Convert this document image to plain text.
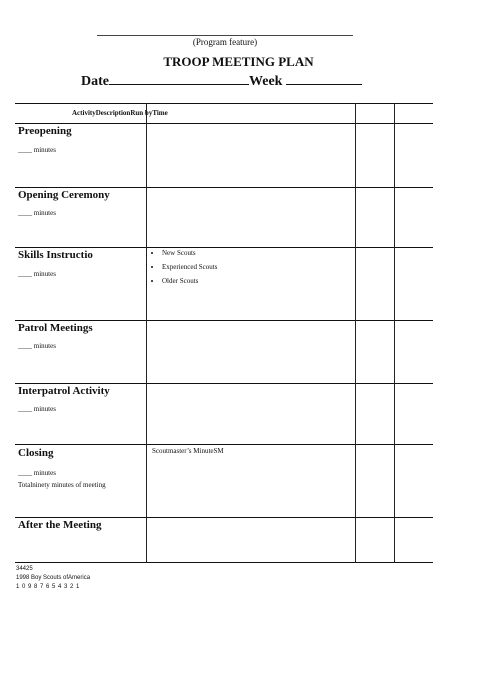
(Program feature)
TROOP MEETING PLAN
Date	Week
ActivityDescriptionRun byTime
Preopening
____ minutes
Opening Ceremony
____ minutes
Skills Instructio
____ minutes
• New Scouts
• Experienced Scouts
• Older Scouts
Patrol Meetings
____ minutes
Interpatrol Activity
____ minutes
Closing
____ minutes
Totalninety minutes of meeting
Scoutmaster’s MinuteSM
After the Meeting
34425
1998 Boy Scouts ofAmerica
1 0 9 8 7 6 5 4 3 2 1
